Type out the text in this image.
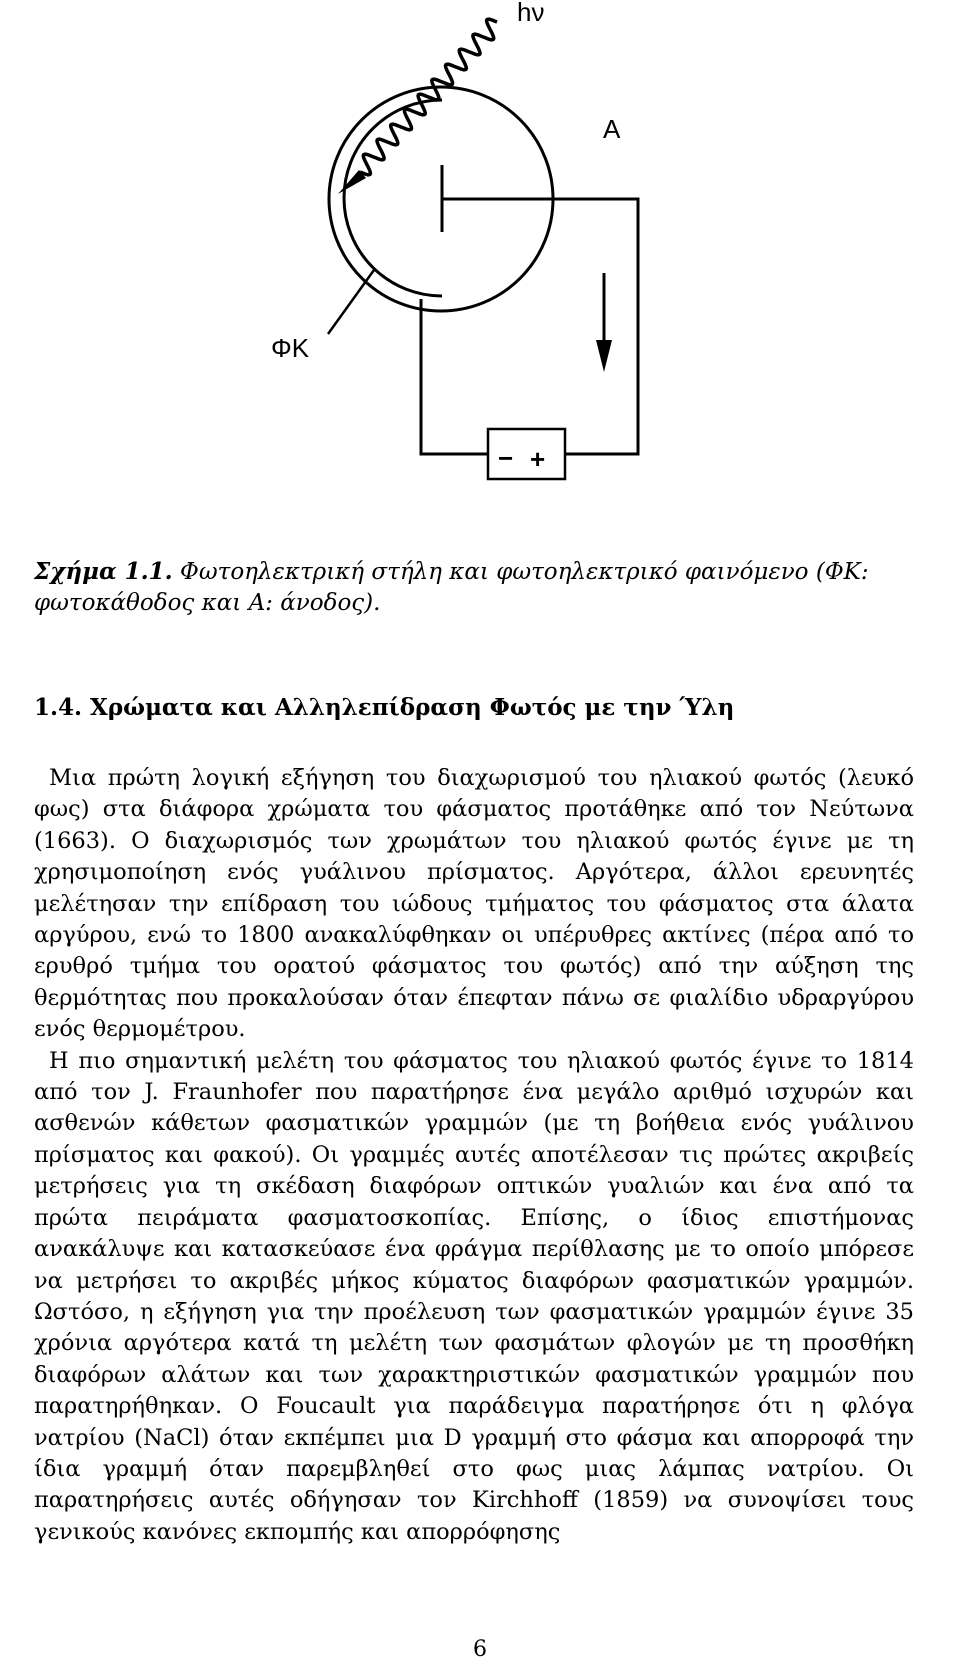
hν
A
ΦΚ
− +
Σχήμα 1.1. Φωτοηλεκτρική στήλη και φωτοηλεκτρικό φαινόμενο (ΦΚ: φωτοκάθοδος και Α: άνοδος).
1.4. Χρώματα και Αλληλεπίδραση Φωτός με την Ύλη

Μια πρώτη λογική εξήγηση του διαχωρισμού του ηλιακού φωτός (λευκό φως) στα διάφορα χρώματα του φάσματος προτάθηκε από τον Νεύτωνα (1663). Ο διαχωρισμός των χρωμάτων του ηλιακού φωτός έγινε με τη χρησιμοποίηση ενός γυάλινου πρίσματος. Αργότερα, άλλοι ερευνητές μελέτησαν την επίδραση του ιώδους τμήματος του φάσματος στα άλατα αργύρου, ενώ το 1800 ανακαλύφθηκαν οι υπέρυθρες ακτίνες (πέρα από το ερυθρό τμήμα του ορατού φάσματος του φωτός) από την αύξηση της θερμότητας που προκαλούσαν όταν έπεφταν πάνω σε φιαλίδιο υδραργύρου ενός θερμομέτρου.

Η πιο σημαντική μελέτη του φάσματος του ηλιακού φωτός έγινε το 1814 από τον J. Fraunhofer που παρατήρησε ένα μεγάλο αριθμό ισχυρών και ασθενών κάθετων φασματικών γραμμών (με τη βοήθεια ενός γυάλινου πρίσματος και φακού). Οι γραμμές αυτές αποτέλεσαν τις πρώτες ακριβείς μετρήσεις για τη σκέδαση διαφόρων οπτικών γυαλιών και ένα από τα πρώτα πειράματα φασματοσκοπίας. Επίσης, ο ίδιος επιστήμονας ανακάλυψε και κατασκεύασε ένα φράγμα περίθλασης με το οποίο μπόρεσε να μετρήσει το ακριβές μήκος κύματος διαφόρων φασματικών γραμμών. Ωστόσο, η εξήγηση για την προέλευση των φασματικών γραμμών έγινε 35 χρόνια αργότερα κατά τη μελέτη των φασμάτων φλογών με τη προσθήκη διαφόρων αλάτων και των χαρακτηριστικών φασματικών γραμμών που παρατηρήθηκαν. Ο Foucault για παράδειγμα παρατήρησε ότι η φλόγα νατρίου (NaCl) όταν εκπέμπει μια D γραμμή στο φάσμα και απορροφά την ίδια γραμμή όταν παρεμβληθεί στο φως μιας λάμπας νατρίου. Οι παρατηρήσεις αυτές οδήγησαν τον Kirchhoff (1859) να συνοψίσει τους γενικούς κανόνες εκπομπής και απορρόφησης

6
